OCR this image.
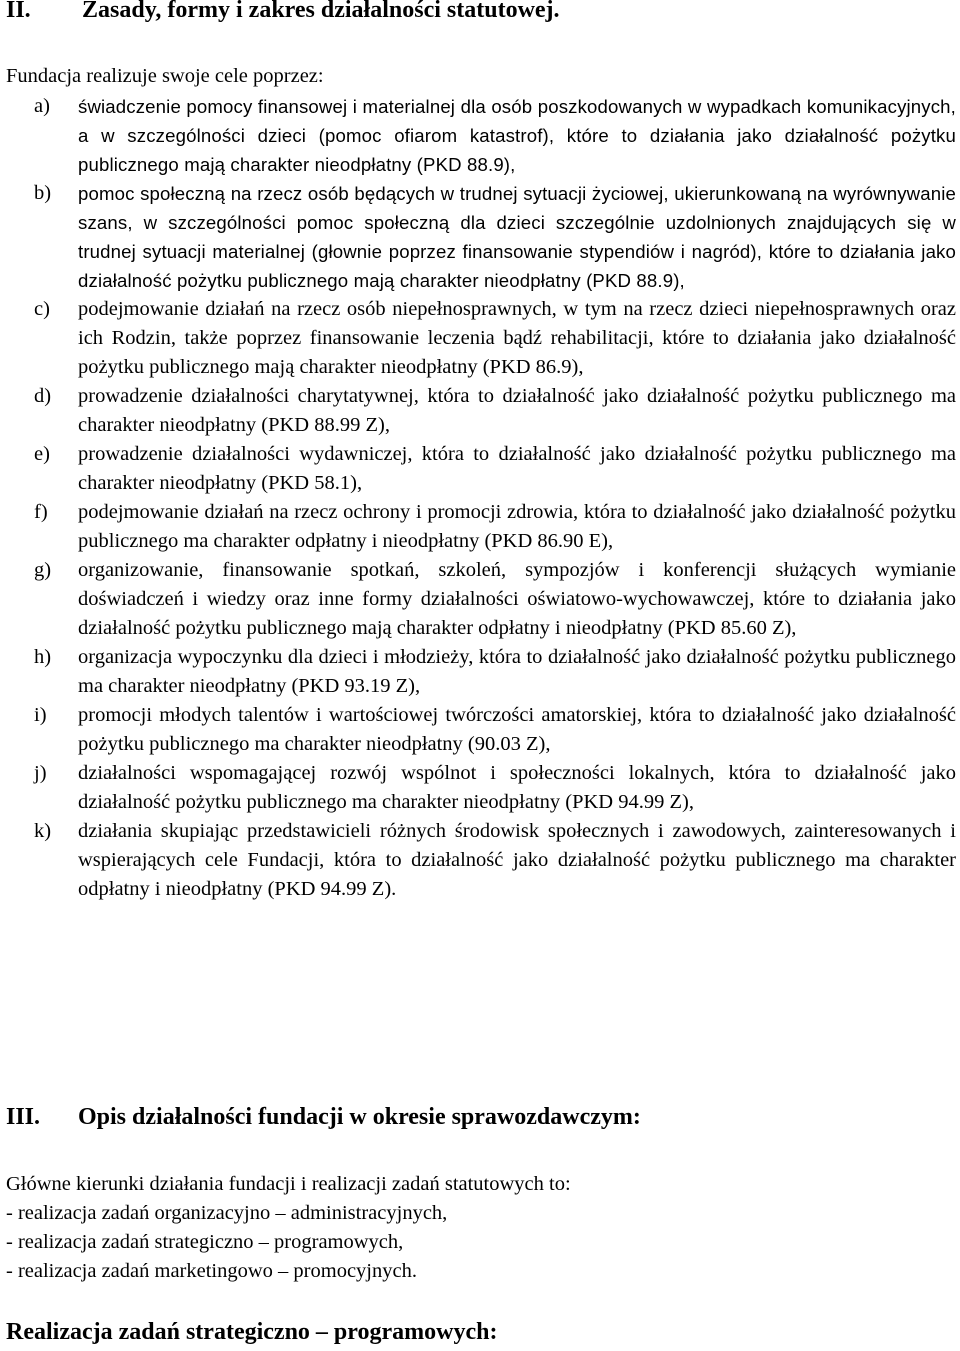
II.	Zasady, formy i zakres działalności statutowej.
Fundacja realizuje swoje cele poprzez:
a)	świadczenie pomocy finansowej i materialnej dla osób poszkodowanych w wypadkach komunikacyjnych, a w szczególności dzieci (pomoc ofiarom katastrof), które to działania jako działalność pożytku publicznego mają charakter nieodpłatny (PKD 88.9),
b)	pomoc społeczną na rzecz osób będących w trudnej sytuacji życiowej, ukierunkowaną na wyrównywanie szans, w szczególności pomoc społeczną dla dzieci szczególnie uzdolnionych znajdujących się w trudnej sytuacji materialnej (głownie poprzez finansowanie stypendiów i nagród), które to działania jako działalność pożytku publicznego mają charakter nieodpłatny (PKD 88.9),
c)	podejmowanie działań na rzecz osób niepełnosprawnych, w tym na rzecz dzieci niepełnosprawnych oraz ich Rodzin, także poprzez finansowanie leczenia bądź rehabilitacji, które to działania jako działalność pożytku publicznego mają charakter nieodpłatny (PKD 86.9),
d)	prowadzenie działalności charytatywnej, która to działalność jako działalność pożytku publicznego ma charakter nieodpłatny (PKD 88.99 Z),
e)	prowadzenie działalności wydawniczej, która to działalność jako działalność pożytku publicznego ma charakter nieodpłatny (PKD 58.1),
f)	podejmowanie działań na rzecz ochrony i promocji zdrowia, która to działalność jako działalność pożytku publicznego ma charakter odpłatny i nieodpłatny (PKD 86.90 E),
g)	organizowanie, finansowanie spotkań, szkoleń, sympozjów i konferencji służących wymianie doświadczeń i wiedzy oraz inne formy działalności oświatowo-wychowawczej, które to działania jako działalność pożytku publicznego mają charakter odpłatny i nieodpłatny (PKD 85.60 Z),
h)	organizacja wypoczynku dla dzieci i młodzieży, która to działalność jako działalność pożytku publicznego ma charakter nieodpłatny (PKD 93.19 Z),
i)	promocji młodych talentów i wartościowej twórczości amatorskiej, która to działalność jako działalność pożytku publicznego ma charakter nieodpłatny (90.03 Z),
j)	działalności wspomagającej rozwój wspólnot i społeczności lokalnych, która to działalność jako działalność pożytku publicznego ma charakter nieodpłatny (PKD 94.99 Z),
k)	działania skupiając przedstawicieli różnych środowisk społecznych i zawodowych, zainteresowanych i wspierających cele Fundacji, która to działalność jako działalność pożytku publicznego ma charakter odpłatny i nieodpłatny (PKD 94.99 Z).
III.	Opis działalności fundacji w okresie sprawozdawczym:
Główne kierunki działania fundacji i realizacji zadań statutowych to:
- realizacja zadań organizacyjno – administracyjnych,
- realizacja zadań strategiczno – programowych,
- realizacja zadań marketingowo – promocyjnych.
Realizacja zadań strategiczno – programowych:
